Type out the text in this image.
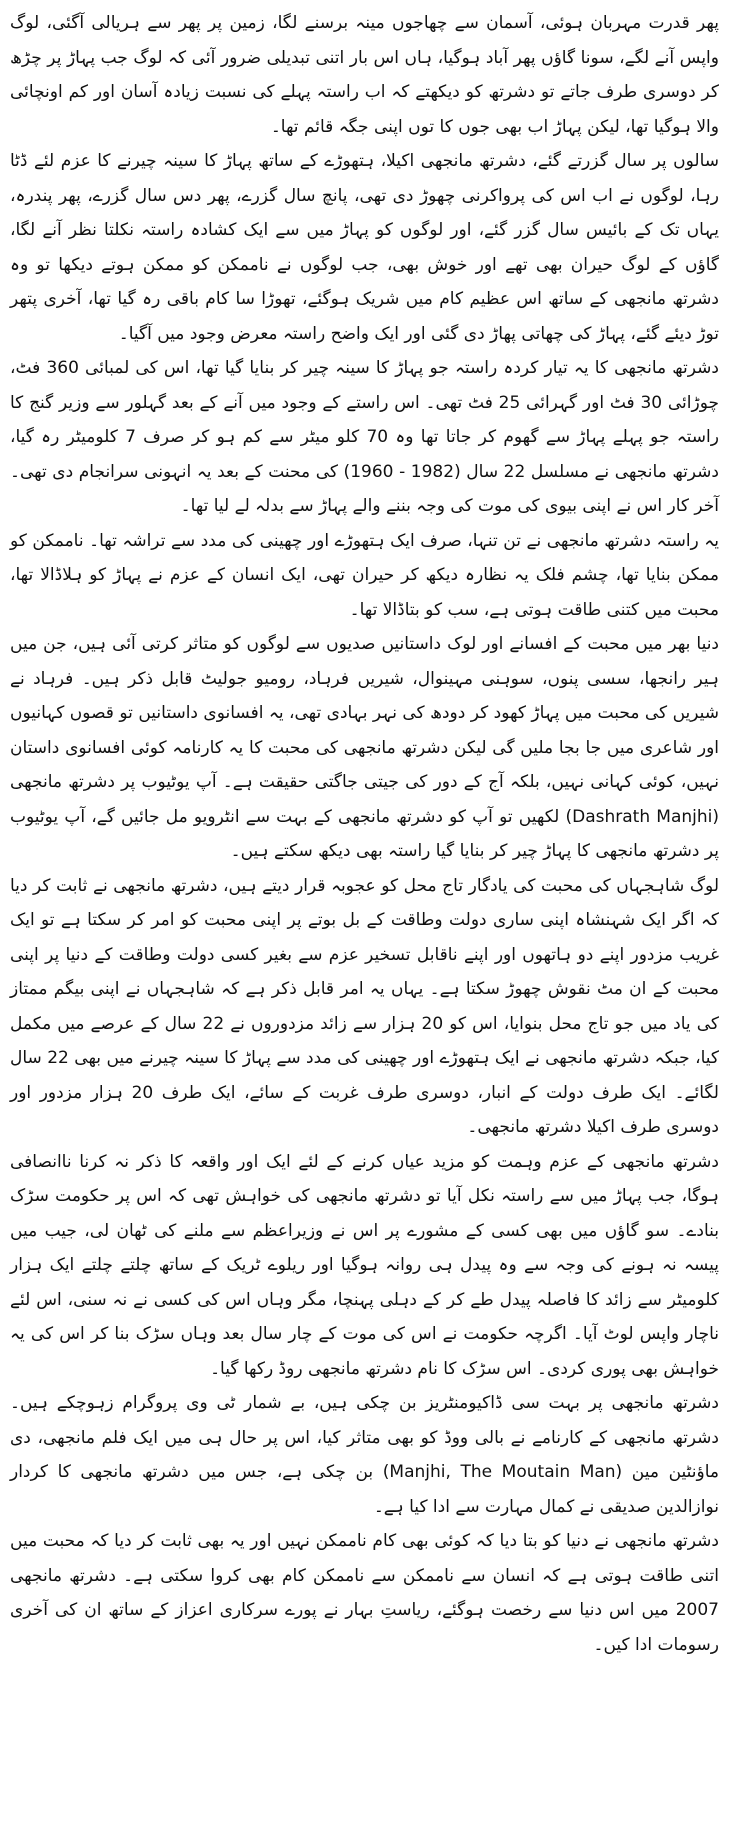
پھر قدرت مہربان ہوئی، آسمان سے چھاجوں مینہ برسنے لگا، زمین پر پھر سے ہریالی آگئی، لوگ واپس آنے لگے، سونا گاؤں پھر آباد ہوگیا، ہاں اس بار اتنی تبدیلی ضرور آئی کہ لوگ جب پہاڑ پر چڑھ کر دوسری طرف جاتے تو دشرتھ کو دیکھتے کہ اب راستہ پہلے کی نسبت زیادہ آسان اور کم اونچائی والا ہوگیا تھا، لیکن پہاڑ اب بھی جوں کا توں اپنی جگہ قائم تھا۔

سالوں پر سال گزرتے گئے، دشرتھ مانجھی اکیلا، ہتھوڑے کے ساتھ پہاڑ کا سینہ چیرنے کا عزم لئے ڈٹا رہا، لوگوں نے اب اس کی پرواکرنی چھوڑ دی تھی، پانچ سال گزرے، پھر دس سال گزرے، پھر پندرہ، یہاں تک کے بائیس سال گزر گئے، اور لوگوں کو پہاڑ میں سے ایک کشادہ راستہ نکلتا نظر آنے لگا، گاؤں کے لوگ حیران بھی تھے اور خوش بھی، جب لوگوں نے ناممکن کو ممکن ہوتے دیکھا تو وہ دشرتھ مانجھی کے ساتھ اس عظیم کام میں شریک ہوگئے، تھوڑا سا کام باقی رہ گیا تھا، آخری پتھر توڑ دیئے گئے، پہاڑ کی چھاتی پھاڑ دی گئی اور ایک واضح راستہ معرض وجود میں آگیا۔

دشرتھ مانجھی کا یہ تیار کردہ راستہ جو پہاڑ کا سینہ چیر کر بنایا گیا تھا، اس کی لمبائی 360 فٹ، چوڑائی 30 فٹ اور گہرائی 25 فٹ تھی۔ اس راستے کے وجود میں آنے کے بعد گہلور سے وزیر گنج کا راستہ جو پہلے پہاڑ سے گھوم کر جاتا تھا وہ 70 کلو میٹر سے کم ہو کر صرف 7 کلومیٹر رہ گیا، دشرتھ مانجھی نے مسلسل 22 سال (1982 - 1960) کی محنت کے بعد یہ انہونی سرانجام دی تھی۔ آخر کار اس نے اپنی بیوی کی موت کی وجہ بننے والے پہاڑ سے بدلہ لے لیا تھا۔

یہ راستہ دشرتھ مانجھی نے تن تنہا، صرف ایک ہتھوڑے اور چھینی کی مدد سے تراشہ تھا۔ ناممکن کو ممکن بنایا تھا، چشم فلک یہ نظارہ دیکھ کر حیران تھی، ایک انسان کے عزم نے پہاڑ کو ہلاڈالا تھا، محبت میں کتنی طاقت ہوتی ہے، سب کو بتاڈالا تھا۔

دنیا بھر میں محبت کے افسانے اور لوک داستانیں صدیوں سے لوگوں کو متاثر کرتی آئی ہیں، جن میں ہیر رانجھا، سسی پنوں، سوہنی مہینوال، شیریں فرہاد، رومیو جولیٹ قابل ذکر ہیں۔ فرہاد نے شیریں کی محبت میں پہاڑ کھود کر دودھ کی نہر بہادی تھی، یہ افسانوی داستانیں تو قصوں کہانیوں اور شاعری میں جا بجا ملیں گی لیکن دشرتھ مانجھی کی محبت کا یہ کارنامہ کوئی افسانوی داستان نہیں، کوئی کہانی نہیں، بلکہ آج کے دور کی جیتی جاگتی حقیقت ہے۔ آپ یوٹیوب پر دشرتھ مانجھی (Dashrath Manjhi) لکھیں تو آپ کو دشرتھ مانجھی کے بہت سے انٹرویو مل جائیں گے، آپ یوٹیوب پر دشرتھ مانجھی کا پہاڑ چیر کر بنایا گیا راستہ بھی دیکھ سکتے ہیں۔

لوگ شاہجہاں کی محبت کی یادگار تاج محل کو عجوبہ قرار دیتے ہیں، دشرتھ مانجھی نے ثابت کر دیا کہ اگر ایک شہنشاہ اپنی ساری دولت وطاقت کے بل بوتے پر اپنی محبت کو امر کر سکتا ہے تو ایک غریب مزدور اپنے دو ہاتھوں اور اپنے ناقابل تسخیر عزم سے بغیر کسی دولت وطاقت کے دنیا پر اپنی محبت کے ان مٹ نقوش چھوڑ سکتا ہے۔ یہاں یہ امر قابل ذکر ہے کہ شاہجہاں نے اپنی بیگم ممتاز کی یاد میں جو تاج محل بنوایا، اس کو 20 ہزار سے زائد مزدوروں نے 22 سال کے عرصے میں مکمل کیا، جبکہ دشرتھ مانجھی نے ایک ہتھوڑے اور چھینی کی مدد سے پہاڑ کا سینہ چیرنے میں بھی 22 سال لگائے۔ ایک طرف دولت کے انبار، دوسری طرف غربت کے سائے، ایک طرف 20 ہزار مزدور اور دوسری طرف اکیلا دشرتھ مانجھی۔

دشرتھ مانجھی کے عزم وہمت کو مزید عیاں کرنے کے لئے ایک اور واقعہ کا ذکر نہ کرنا ناانصافی ہوگا، جب پہاڑ میں سے راستہ نکل آیا تو دشرتھ مانجھی کی خواہش تھی کہ اس پر حکومت سڑک بنادے۔ سو گاؤں میں بھی کسی کے مشورے پر اس نے وزیراعظم سے ملنے کی ٹھان لی، جیب میں پیسہ نہ ہونے کی وجہ سے وہ پیدل ہی روانہ ہوگیا اور ریلوے ٹریک کے ساتھ چلتے چلتے ایک ہزار کلومیٹر سے زائد کا فاصلہ پیدل طے کر کے دہلی پہنچا، مگر وہاں اس کی کسی نے نہ سنی، اس لئے ناچار واپس لوٹ آیا۔ اگرچہ حکومت نے اس کی موت کے چار سال بعد وہاں سڑک بنا کر اس کی یہ خواہش بھی پوری کردی۔ اس سڑک کا نام دشرتھ مانجھی روڈ رکھا گیا۔

دشرتھ مانجھی پر بہت سی ڈاکیومنٹریز بن چکی ہیں، بے شمار ٹی وی پروگرام زہوچکے ہیں۔ دشرتھ مانجھی کے کارنامے نے بالی ووڈ کو بھی متاثر کیا، اس پر حال ہی میں ایک فلم مانجھی، دی ماؤنٹین مین (Manjhi, The Moutain Man) بن چکی ہے، جس میں دشرتھ مانجھی کا کردار نوازالدین صدیقی نے کمال مہارت سے ادا کیا ہے۔

دشرتھ مانجھی نے دنیا کو بتا دیا کہ کوئی بھی کام ناممکن نہیں اور یہ بھی ثابت کر دیا کہ محبت میں اتنی طاقت ہوتی ہے کہ انسان سے ناممکن سے ناممکن کام بھی کروا سکتی ہے۔ دشرتھ مانجھی 2007 میں اس دنیا سے رخصت ہوگئے، ریاستِ بہار نے پورے سرکاری اعزاز کے ساتھ ان کی آخری رسومات ادا کیں۔
